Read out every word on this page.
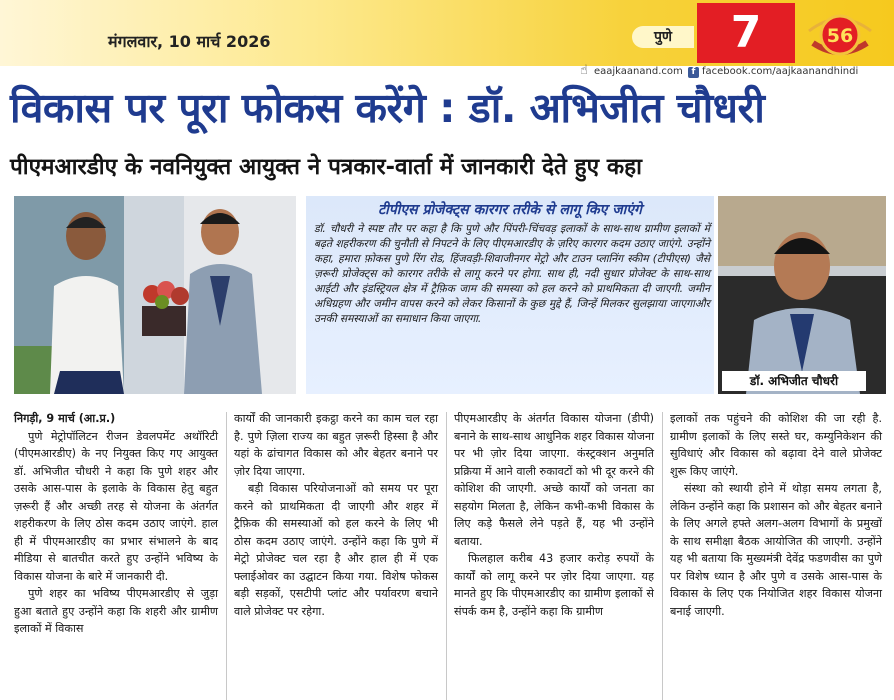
मंगलवार, 10 मार्च 2026	पुणे	7	56
☝ eaajkaanand.com f facebook.com/aajkaanandhindi
विकास पर पूरा फोकस करेंगे : डॉ. अभिजीत चौधरी
पीएमआरडीए के नवनियुक्त आयुक्त ने पत्रकार-वार्ता में जानकारी देते हुए कहा
टीपीएस प्रोजेक्ट्स कारगर तरीके से लागू किए जाएंगे
डॉ. चौधरी ने स्पष्ट तौर पर कहा है कि पुणे और पिंपरी-चिंचवड़ इलाकों के साथ-साथ ग्रामीण इलाकों में बढ़ते शहरीकरण की चुनौती से निपटने के लिए पीएमआरडीए के ज़रिए कारगर कदम उठाए जाएंगे. उन्होंने कहा, हमारा फ़ोकस पुणे रिंग रोड, हिंजवड़ी-शिवाजीनगर मेट्रो और टाउन प्लानिंग स्कीम (टीपीएस) जैसे ज़रूरी प्रोजेक्ट्स को कारगर तरीके से लागू करने पर होगा. साथ ही, नदी सुधार प्रोजेक्ट के साथ-साथ आईटी और इंडस्ट्रियल क्षेत्र में ट्रैफ़िक जाम की समस्या को हल करने को प्राथमिकता दी जाएगी. जमीन अधिग्रहण और जमीन वापस करने को लेकर किसानों के कुछ मुद्दे हैं, जिन्हें मिलकर सुलझाया जाएगाऔर उनकी समस्याओं का समाधान किया जाएगा.
डॉ. अभिजीत चौधरी

निगड़ी, 9 मार्च (आ.प्र.)

पुणे मेट्रोपॉलिटन रीजन डेवलपमेंट अथॉरिटी (पीएमआरडीए) के नए नियुक्त किए गए आयुक्त डॉ. अभिजीत चौधरी ने कहा कि पुणे शहर और उसके आस-पास के इलाके के विकास हेतु बहुत ज़रूरी हैं और अच्छी तरह से योजना के अंतर्गत शहरीकरण के लिए ठोस कदम उठाए जाएंगे. हाल ही में पीएमआरडीए का प्रभार संभालने के बाद मीडिया से बातचीत करते हुए उन्होंने भविष्य के विकास योजना के बारे में जानकारी दी.

पुणे शहर का भविष्य पीएमआरडीए से जुड़ा हुआ बताते हुए उन्होंने कहा कि शहरी और ग्रामीण इलाकों में विकास

कार्यों की जानकारी इकट्ठा करने का काम चल रहा है. पुणे ज़िला राज्य का बहुत ज़रूरी हिस्सा है और यहां के ढांचागत विकास को और बेहतर बनाने पर ज़ोर दिया जाएगा.

बड़ी विकास परियोजनाओं को समय पर पूरा करने को प्राथमिकता दी जाएगी और शहर में ट्रैफ़िक की समस्याओं को हल करने के लिए भी ठोस कदम उठाए जाएंगे. उन्होंने कहा कि पुणे में मेट्रो प्रोजेक्ट चल रहा है और हाल ही में एक फ्लाईओवर का उद्घाटन किया गया. विशेष फोकस बड़ी सड़कों, एसटीपी प्लांट और पर्यावरण बचाने वाले प्रोजेक्ट पर रहेगा.

पीएमआरडीए के अंतर्गत विकास योजना (डीपी) बनाने के साथ-साथ आधुनिक शहर विकास योजना पर भी ज़ोर दिया जाएगा. कंस्ट्रक्शन अनुमति प्रक्रिया में आने वाली रुकावटों को भी दूर करने की कोशिश की जाएगी. अच्छे कार्यों को जनता का सहयोग मिलता है, लेकिन कभी-कभी विकास के लिए कड़े फैसले लेने पड़ते हैं, यह भी उन्होंने बताया.

फिलहाल करीब 43 हजार करोड़ रुपयों के कार्यों को लागू करने पर ज़ोर दिया जाएगा. यह मानते हुए कि पीएमआरडीए का ग्रामीण इलाकों से संपर्क कम है, उन्होंने कहा कि ग्रामीण

इलाकों तक पहुंचने की कोशिश की जा रही है. ग्रामीण इलाकों के लिए सस्ते घर, कम्युनिकेशन की सुविधाएं और विकास को बढ़ावा देने वाले प्रोजेक्ट शुरू किए जाएंगे.

संस्था को स्थायी होने में थोड़ा समय लगता है, लेकिन उन्होंने कहा कि प्रशासन को और बेहतर बनाने के लिए अगले हफ्ते अलग-अलग विभागों के प्रमुखों के साथ समीक्षा बैठक आयोजित की जाएगी. उन्होंने यह भी बताया कि मुख्यमंत्री देवेंद्र फडणवीस का पुणे पर विशेष ध्यान है और पुणे व उसके आस-पास के विकास के लिए एक नियोजित शहर विकास योजना बनाई जाएगी.
